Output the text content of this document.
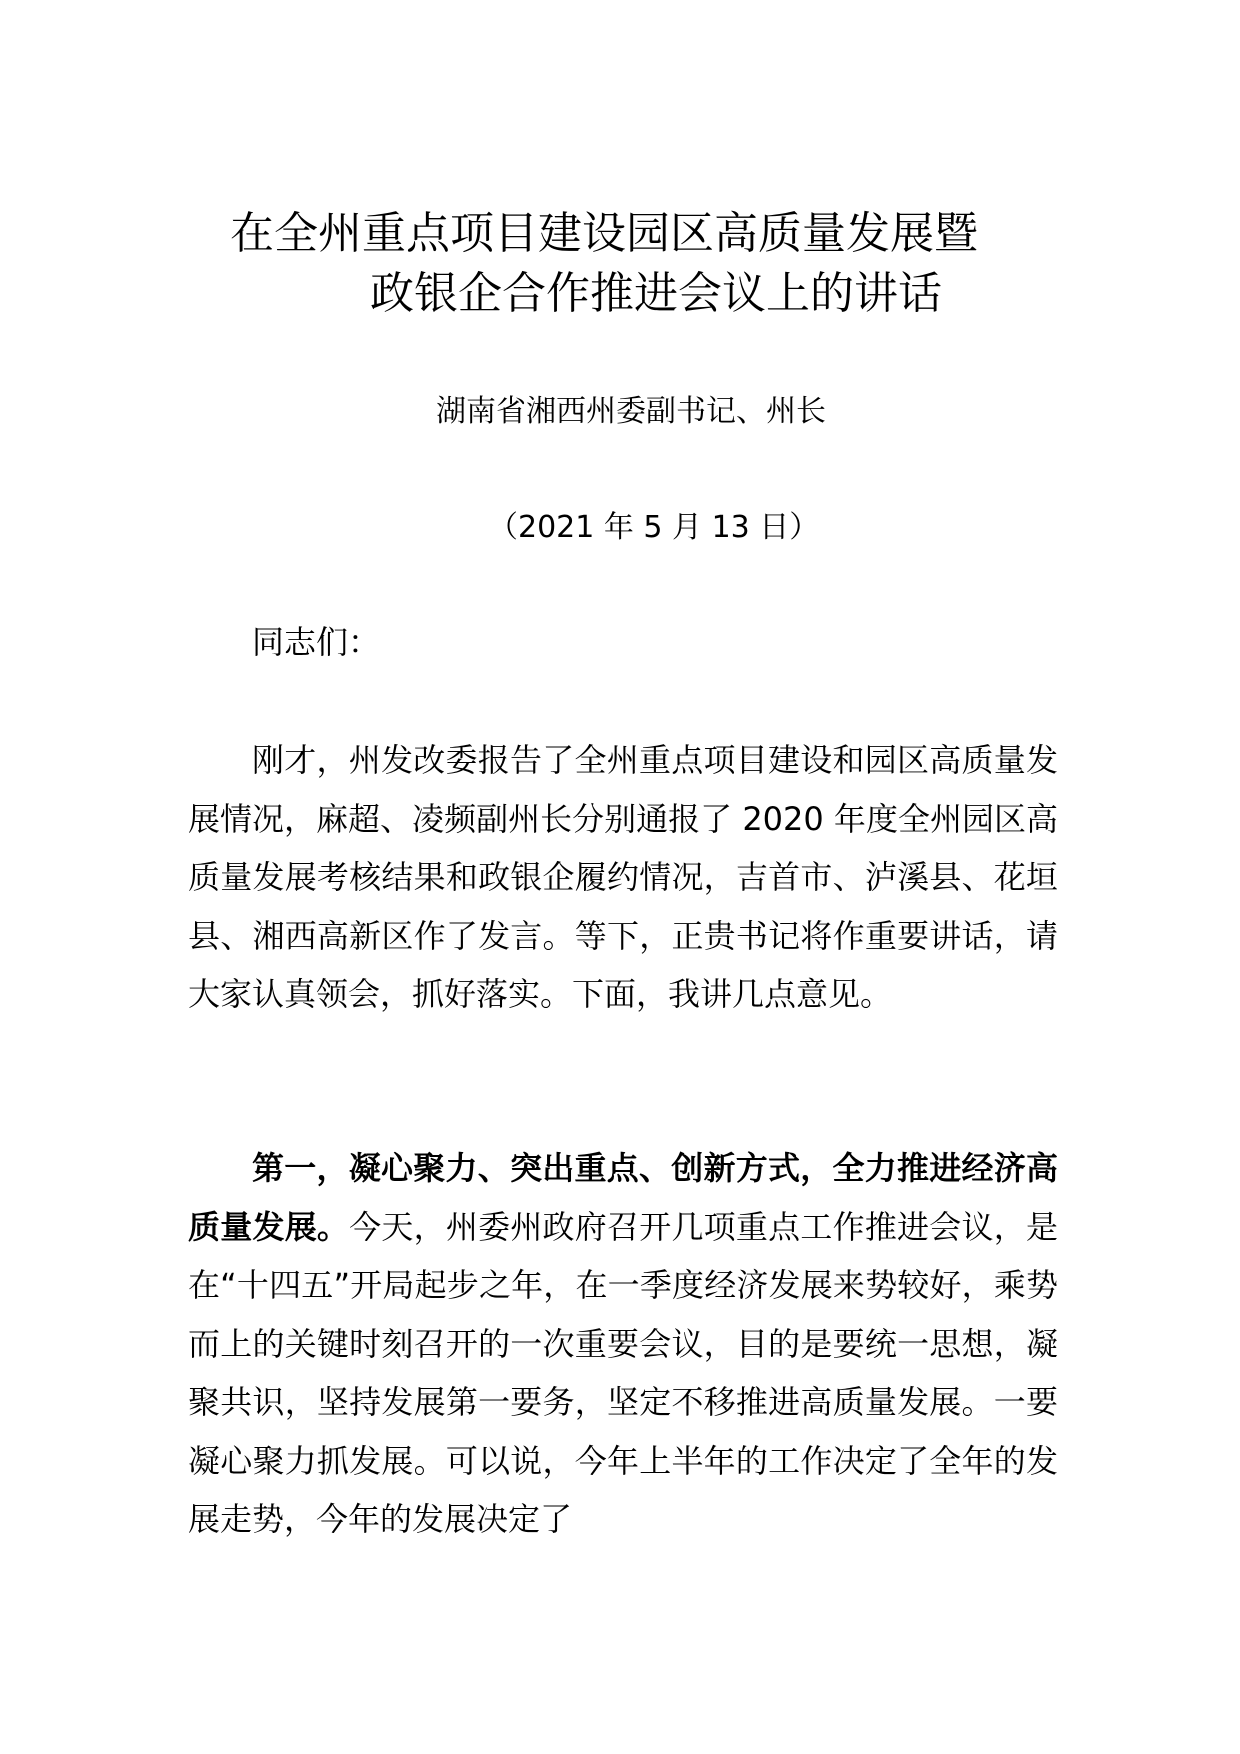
在全州重点项目建设园区高质量发展暨
政银企合作推进会议上的讲话
湖南省湘西州委副书记、州长
（2021 年 5 月 13 日）
同志们：
刚才，州发改委报告了全州重点项目建设和园区高质量发展情况，麻超、凌频副州长分别通报了 2020 年度全州园区高质量发展考核结果和政银企履约情况，吉首市、泸溪县、花垣县、湘西高新区作了发言。等下，正贵书记将作重要讲话，请大家认真领会，抓好落实。下面，我讲几点意见。
第一，凝心聚力、突出重点、创新方式，全力推进经济高质量发展。今天，州委州政府召开几项重点工作推进会议，是在“十四五”开局起步之年，在一季度经济发展来势较好，乘势而上的关键时刻召开的一次重要会议，目的是要统一思想，凝聚共识，坚持发展第一要务，坚定不移推进高质量发展。一要凝心聚力抓发展。可以说，今年上半年的工作决定了全年的发展走势，今年的发展决定了
